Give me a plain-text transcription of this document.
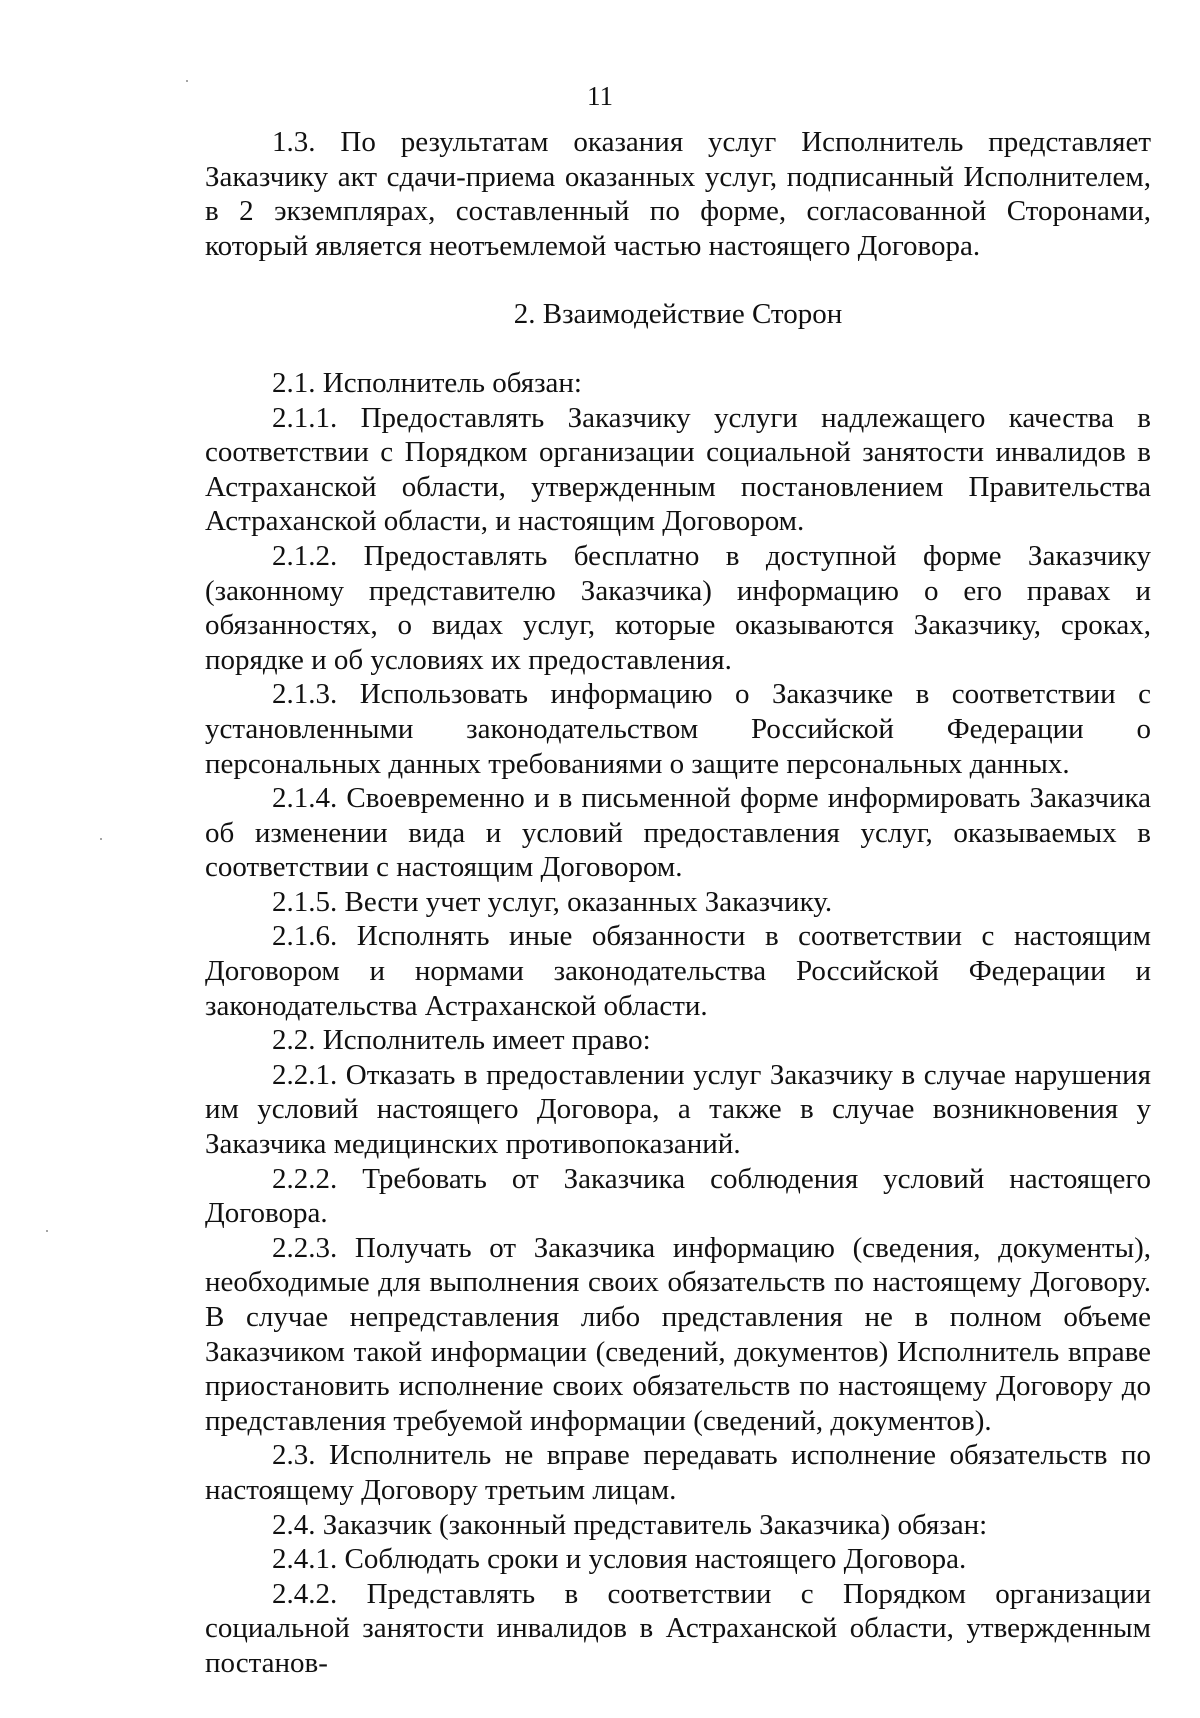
11

1.3. По результатам оказания услуг Исполнитель представляет Заказчику акт сдачи-приема оказанных услуг, подписанный Исполнителем, в 2 экземплярах, составленный по форме, согласованной Сторонами, который является неотъемлемой частью настоящего Договора.

2. Взаимодействие Сторон

2.1. Исполнитель обязан:

2.1.1. Предоставлять Заказчику услуги надлежащего качества в соответствии с Порядком организации социальной занятости инвалидов в Астраханской области, утвержденным постановлением Правительства Астраханской области, и настоящим Договором.

2.1.2. Предоставлять бесплатно в доступной форме Заказчику (законному представителю Заказчика) информацию о его правах и обязанностях, о видах услуг, которые оказываются Заказчику, сроках, порядке и об условиях их предоставления.

2.1.3. Использовать информацию о Заказчике в соответствии с установленными законодательством Российской Федерации о персональных данных требованиями о защите персональных данных.

2.1.4. Своевременно и в письменной форме информировать Заказчика об изменении вида и условий предоставления услуг, оказываемых в соответствии с настоящим Договором.

2.1.5. Вести учет услуг, оказанных Заказчику.

2.1.6. Исполнять иные обязанности в соответствии с настоящим Договором и нормами законодательства Российской Федерации и законодательства Астраханской области.

2.2. Исполнитель имеет право:

2.2.1. Отказать в предоставлении услуг Заказчику в случае нарушения им условий настоящего Договора, а также в случае возникновения у Заказчика медицинских противопоказаний.

2.2.2. Требовать от Заказчика соблюдения условий настоящего Договора.

2.2.3. Получать от Заказчика информацию (сведения, документы), необходимые для выполнения своих обязательств по настоящему Договору. В случае непредставления либо представления не в полном объеме Заказчиком такой информации (сведений, документов) Исполнитель вправе приостановить исполнение своих обязательств по настоящему Договору до представления требуемой информации (сведений, документов).

2.3. Исполнитель не вправе передавать исполнение обязательств по настоящему Договору третьим лицам.

2.4. Заказчик (законный представитель Заказчика) обязан:

2.4.1. Соблюдать сроки и условия настоящего Договора.

2.4.2. Представлять в соответствии с Порядком организации социальной занятости инвалидов в Астраханской области, утвержденным постанов-
